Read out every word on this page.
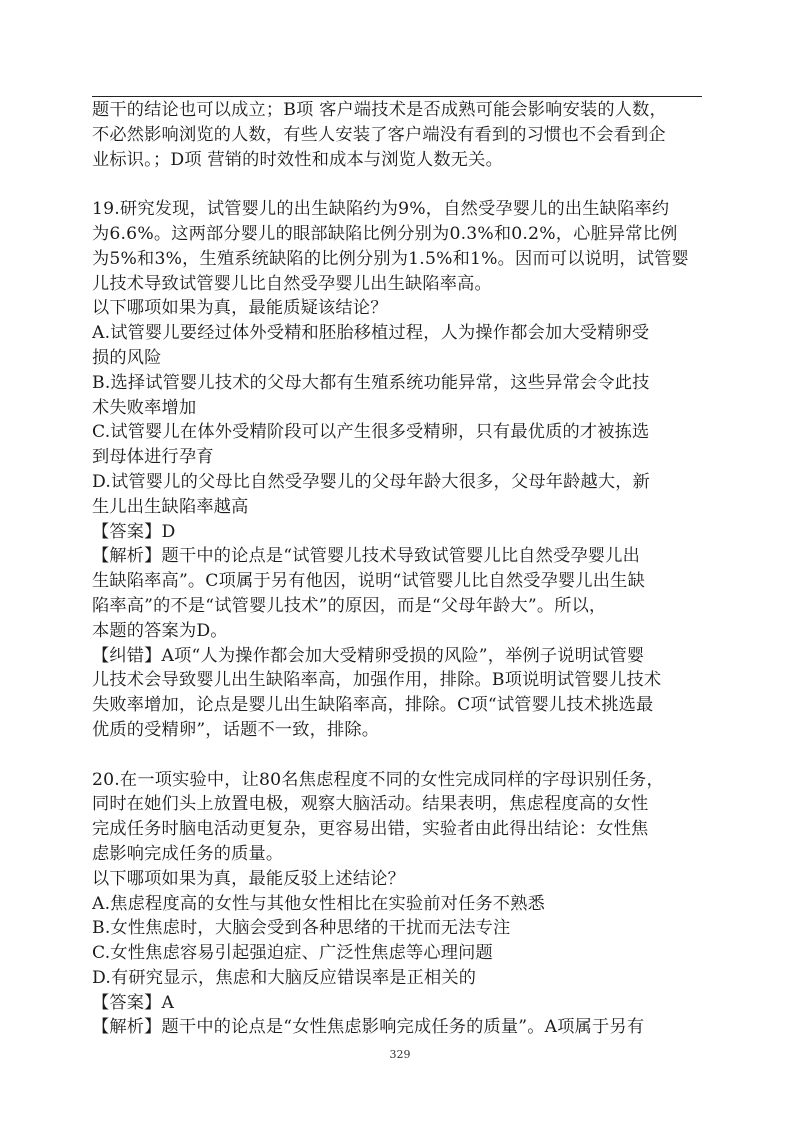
题干的结论也可以成立；B项 客户端技术是否成熟可能会影响安装的人数，
不必然影响浏览的人数，有些人安装了客户端没有看到的习惯也不会看到企
业标识。；D项 营销的时效性和成本与浏览人数无关。
19.研究发现，试管婴儿的出生缺陷约为9%，自然受孕婴儿的出生缺陷率约
为6.6%。这两部分婴儿的眼部缺陷比例分别为0.3%和0.2%，心脏异常比例
为5%和3%，生殖系统缺陷的比例分别为1.5%和1%。因而可以说明，试管婴
儿技术导致试管婴儿比自然受孕婴儿出生缺陷率高。
以下哪项如果为真，最能质疑该结论？
A.试管婴儿要经过体外受精和胚胎移植过程，人为操作都会加大受精卵受
损的风险
B.选择试管婴儿技术的父母大都有生殖系统功能异常，这些异常会令此技
术失败率增加
C.试管婴儿在体外受精阶段可以产生很多受精卵，只有最优质的才被拣选
到母体进行孕育
D.试管婴儿的父母比自然受孕婴儿的父母年龄大很多，父母年龄越大，新
生儿出生缺陷率越高
【答案】D
【解析】题干中的论点是“试管婴儿技术导致试管婴儿比自然受孕婴儿出
生缺陷率高”。C项属于另有他因，说明“试管婴儿比自然受孕婴儿出生缺
陷率高”的不是“试管婴儿技术”的原因，而是“父母年龄大”。所以，
本题的答案为D。
【纠错】A项“人为操作都会加大受精卵受损的风险”，举例子说明试管婴
儿技术会导致婴儿出生缺陷率高，加强作用，排除。B项说明试管婴儿技术
失败率增加，论点是婴儿出生缺陷率高，排除。C项“试管婴儿技术挑选最
优质的受精卵”，话题不一致，排除。
20.在一项实验中，让80名焦虑程度不同的女性完成同样的字母识别任务，
同时在她们头上放置电极，观察大脑活动。结果表明，焦虑程度高的女性
完成任务时脑电活动更复杂，更容易出错，实验者由此得出结论：女性焦
虑影响完成任务的质量。
以下哪项如果为真，最能反驳上述结论？
A.焦虑程度高的女性与其他女性相比在实验前对任务不熟悉
B.女性焦虑时，大脑会受到各种思绪的干扰而无法专注
C.女性焦虑容易引起强迫症、广泛性焦虑等心理问题
D.有研究显示，焦虑和大脑反应错误率是正相关的
【答案】A
【解析】题干中的论点是“女性焦虑影响完成任务的质量”。A项属于另有
329
